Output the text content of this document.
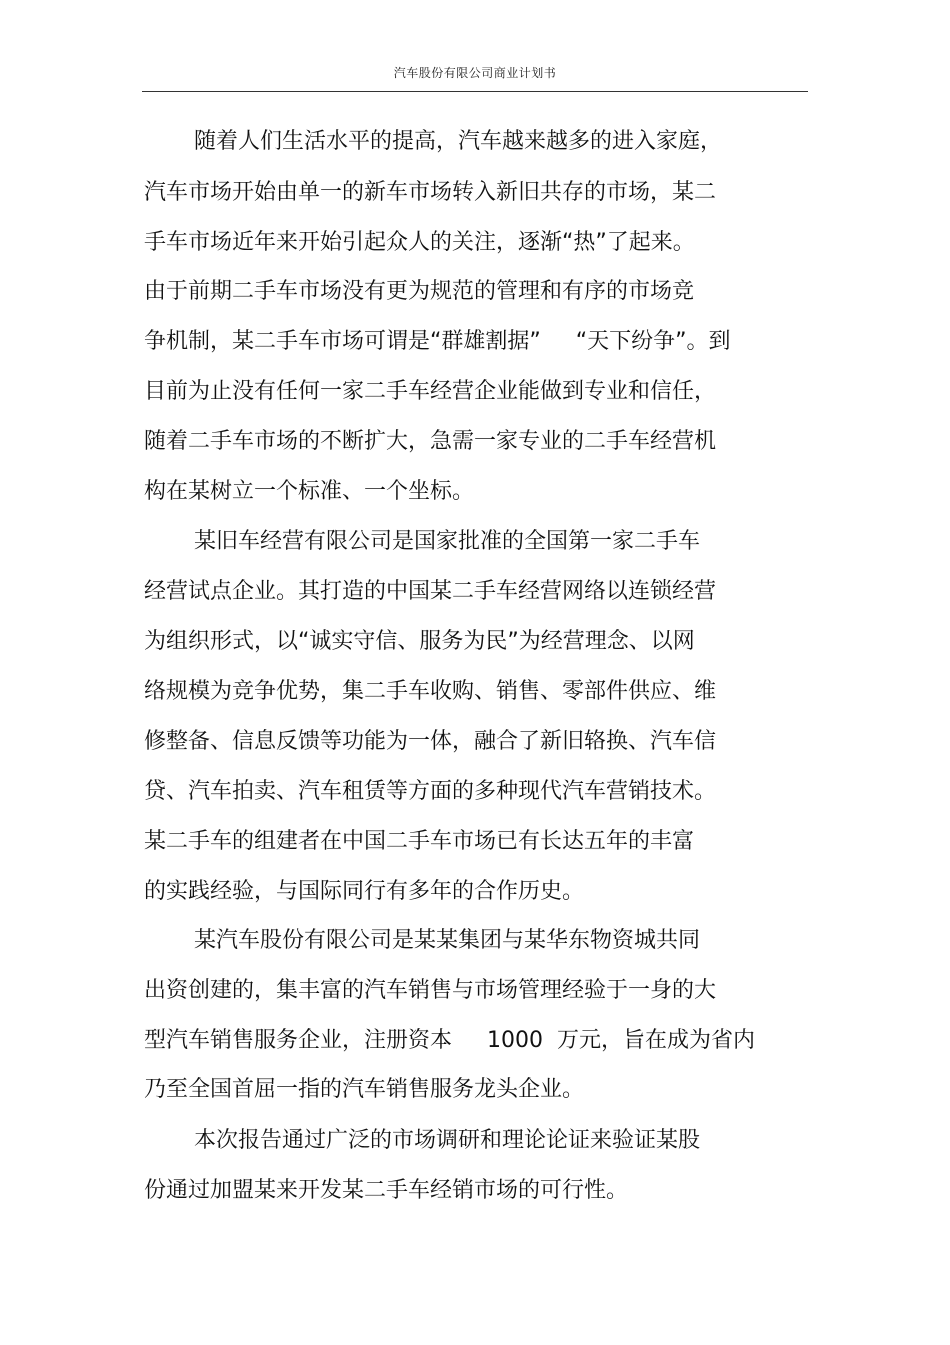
汽车股份有限公司商业计划书
随着人们生活水平的提高，汽车越来越多的进入家庭，
汽车市场开始由单一的新车市场转入新旧共存的市场，某二
手车市场近年来开始引起众人的关注，逐渐“热”了起来。
由于前期二手车市场没有更为规范的管理和有序的市场竞
争机制，某二手车市场可谓是“群雄割据”     “天下纷争”。到
目前为止没有任何一家二手车经营企业能做到专业和信任，
随着二手车市场的不断扩大，急需一家专业的二手车经营机
构在某树立一个标准、一个坐标。
某旧车经营有限公司是国家批准的全国第一家二手车
经营试点企业。其打造的中国某二手车经营网络以连锁经营
为组织形式，以“诚实守信、服务为民”为经营理念、以网
络规模为竞争优势，集二手车收购、销售、零部件供应、维
修整备、信息反馈等功能为一体，融合了新旧辂换、汽车信
贷、汽车拍卖、汽车租赁等方面的多种现代汽车营销技术。
某二手车的组建者在中国二手车市场已有长达五年的丰富
的实践经验，与国际同行有多年的合作历史。
某汽车股份有限公司是某某集团与某华东物资城共同
出资创建的，集丰富的汽车销售与市场管理经验于一身的大
型汽车销售服务企业，注册资本     1000  万元，旨在成为省内
乃至全国首屈一指的汽车销售服务龙头企业。
本次报告通过广泛的市场调研和理论论证来验证某股
份通过加盟某来开发某二手车经销市场的可行性。
